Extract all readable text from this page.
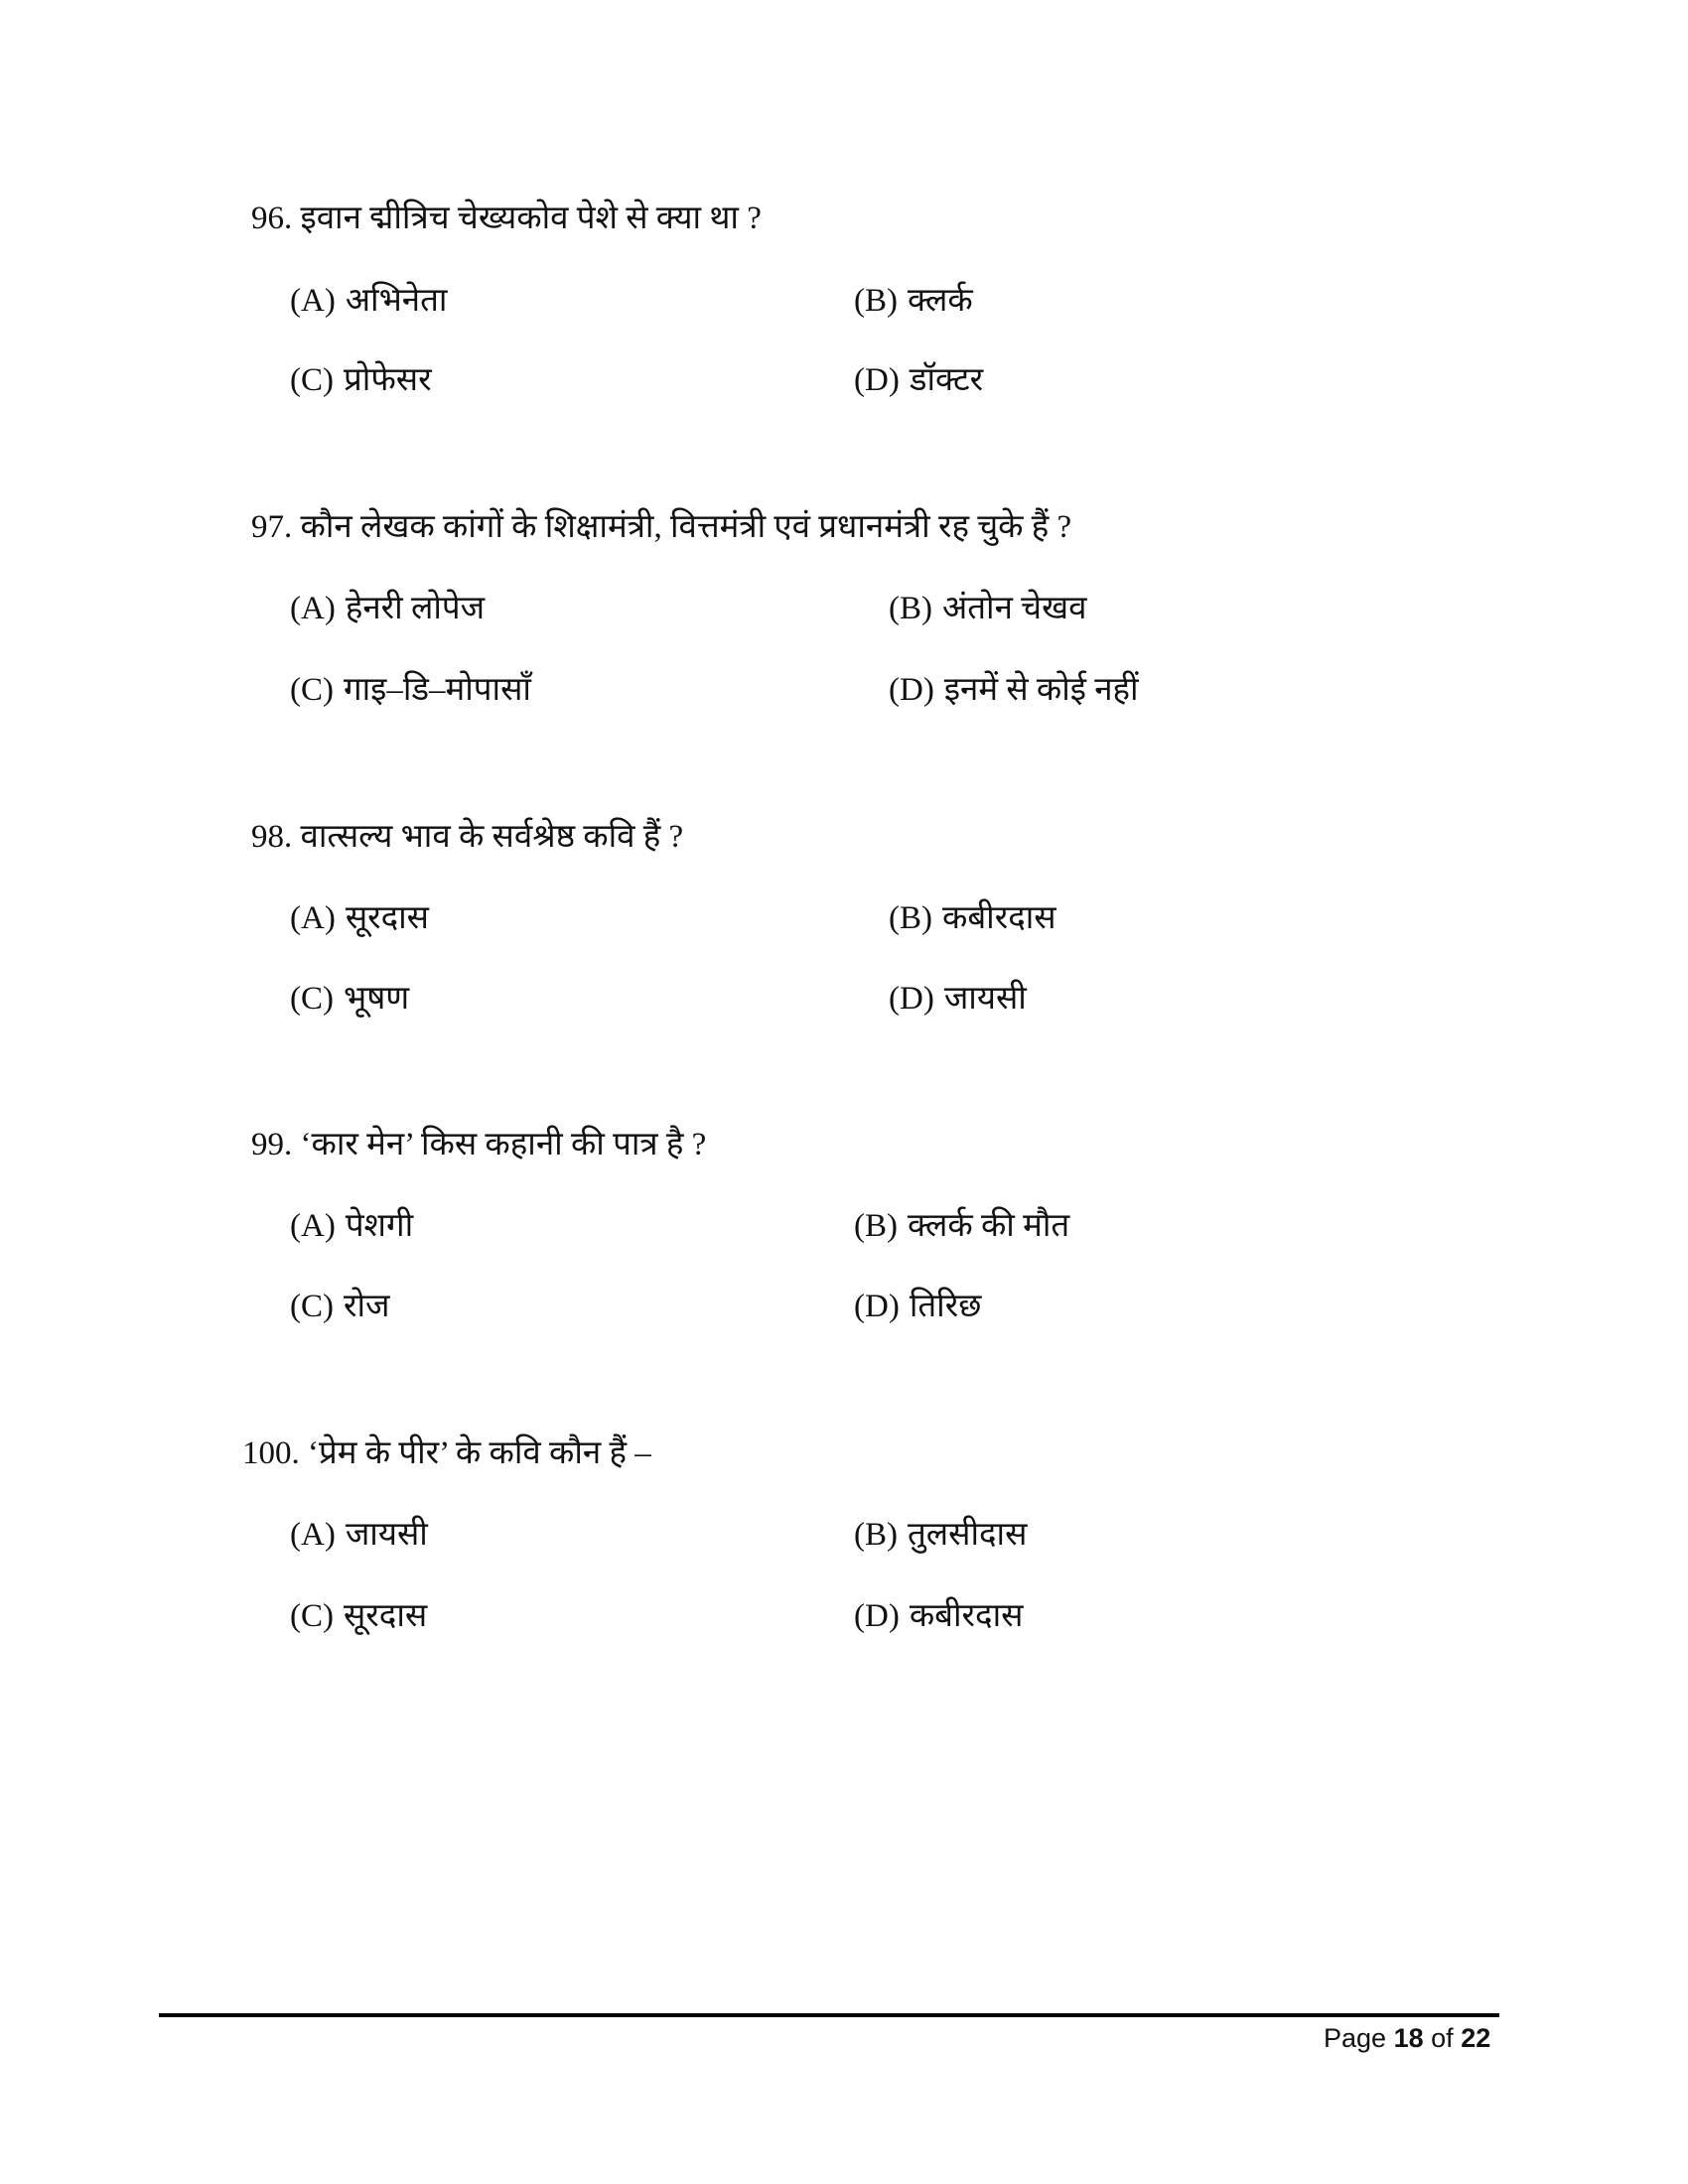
96. इवान द्मीत्रिच चेख्यकोव पेशे से क्या था ?
(A) अभिनेता	(B) क्लर्क
(C) प्रोफेसर	(D) डॉक्टर
97. कौन लेखक कांगों के शिक्षामंत्री, वित्तमंत्री एवं प्रधानमंत्री रह चुके हैं ?
(A) हेनरी लोपेज	(B) अंतोन चेखव
(C) गाइ–डि–मोपासाँ	(D) इनमें से कोई नहीं
98. वात्सल्य भाव के सर्वश्रेष्ठ कवि हैं ?
(A) सूरदास	(B) कबीरदास
(C) भूषण	(D) जायसी
99. ‘कार मेन’ किस कहानी की पात्र है ?
(A) पेशगी	(B) क्लर्क की मौत
(C) रोज	(D) तिरिछ
100. ‘प्रेम के पीर’ के कवि कौन हैं –
(A) जायसी	(B) तुलसीदास
(C) सूरदास	(D) कबीरदास
Page 18 of 22
